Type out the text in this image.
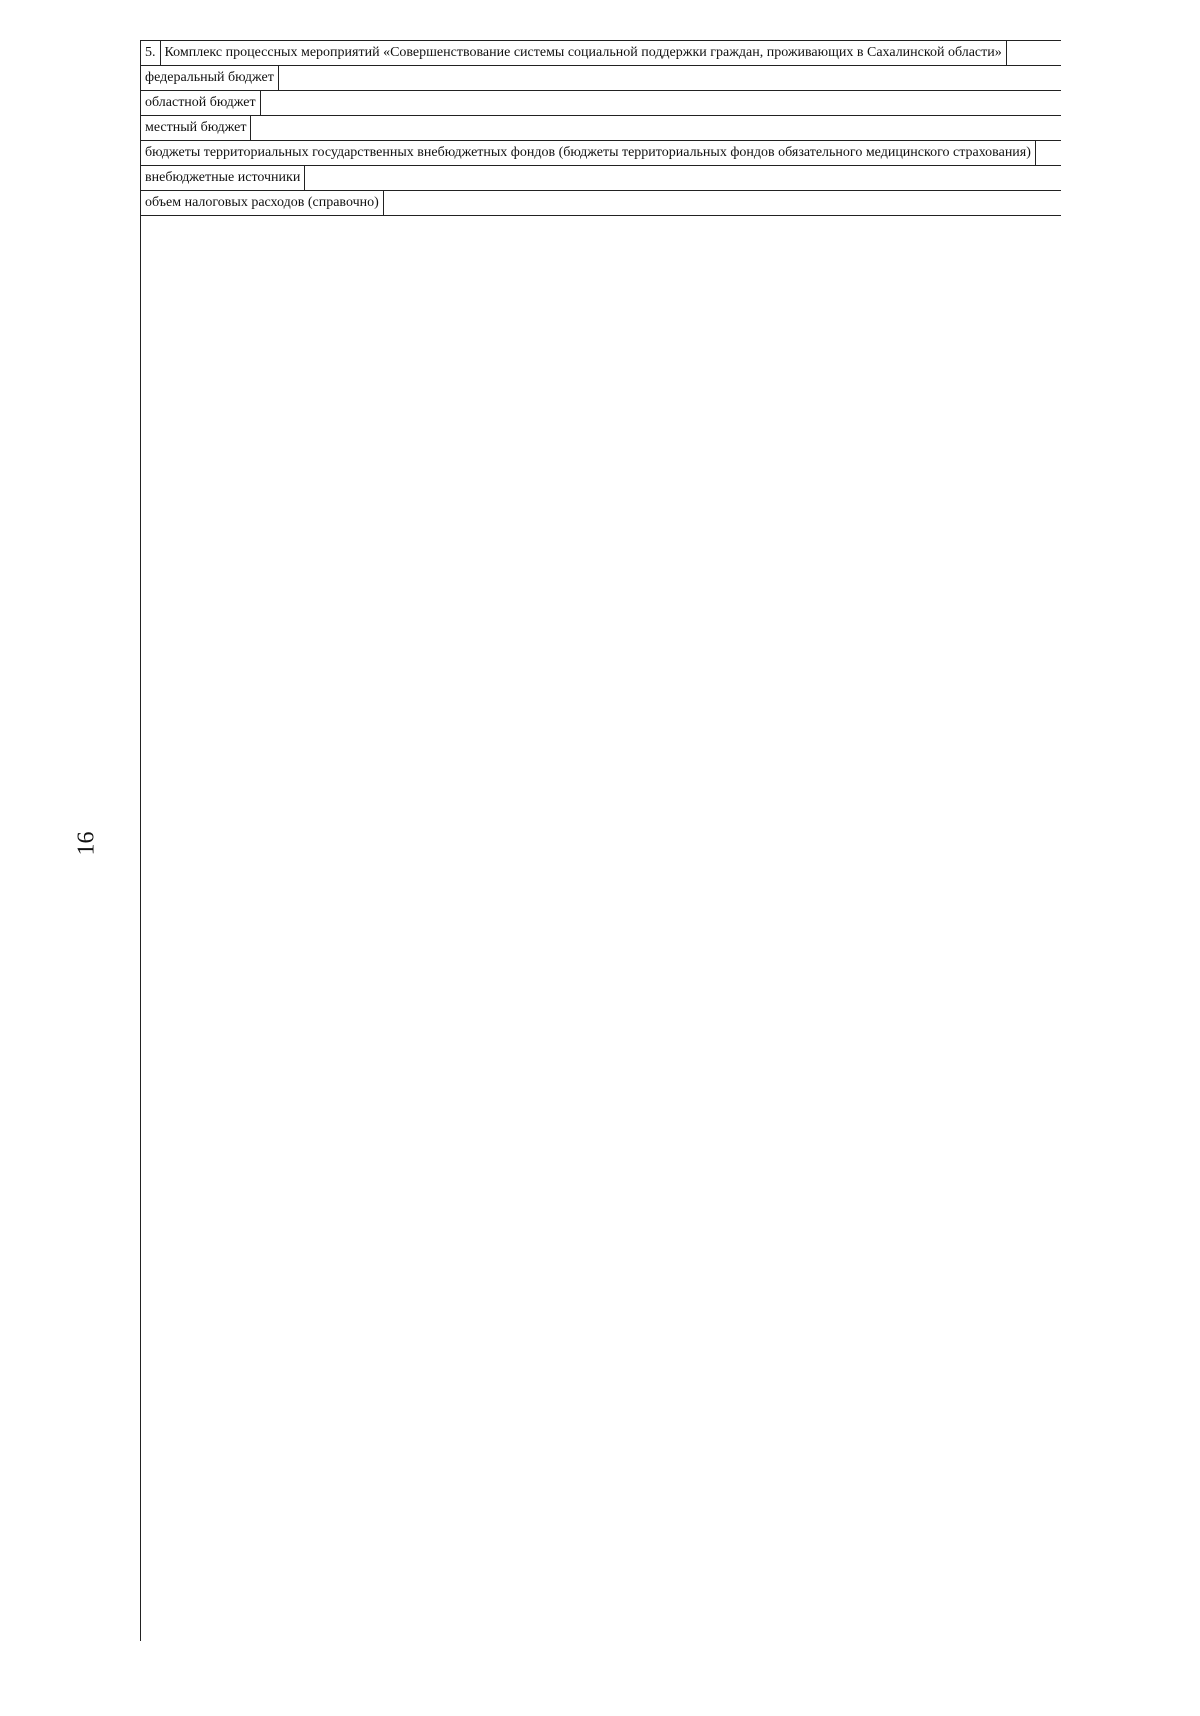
16
5. Комплекс процессных мероприятий «Совершенствование системы социальной поддержки граждан, проживающих в Сахалинской области»
федеральный бюджет
областной бюджет
местный бюджет
бюджеты территориальных государственных внебюджетных фондов (бюджеты территориальных фондов обязательного медицинского страхования)
внебюджетные источники
объем налоговых расходов (справочно)
